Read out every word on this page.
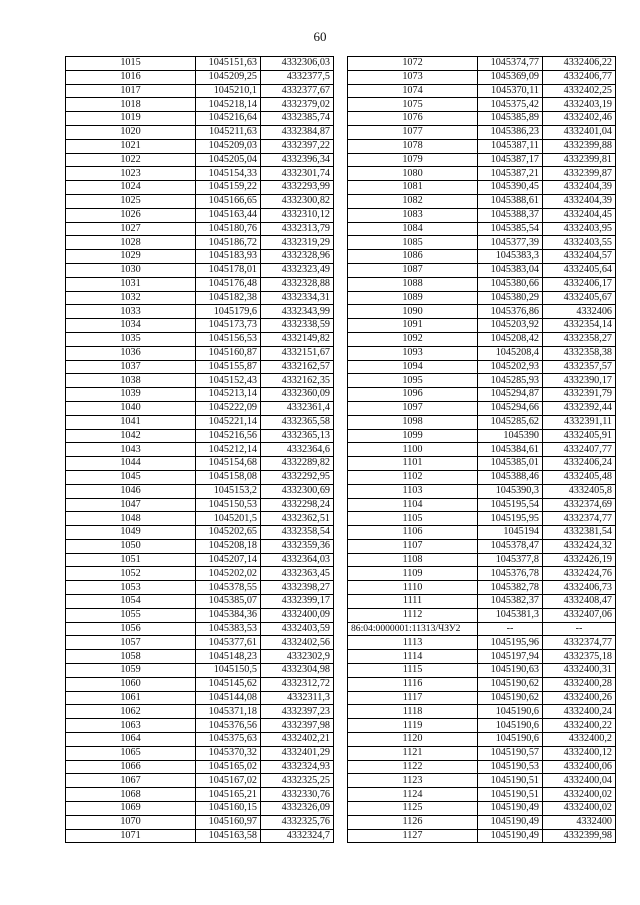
60
1015	1045151,63	4332306,03
1016	1045209,25	4332377,5
1017	1045210,1	4332377,67
1018	1045218,14	4332379,02
1019	1045216,64	4332385,74
1020	1045211,63	4332384,87
1021	1045209,03	4332397,22
1022	1045205,04	4332396,34
1023	1045154,33	4332301,74
1024	1045159,22	4332293,99
1025	1045166,65	4332300,82
1026	1045163,44	4332310,12
1027	1045180,76	4332313,79
1028	1045186,72	4332319,29
1029	1045183,93	4332328,96
1030	1045178,01	4332323,49
1031	1045176,48	4332328,88
1032	1045182,38	4332334,31
1033	1045179,6	4332343,99
1034	1045173,73	4332338,59
1035	1045156,53	4332149,82
1036	1045160,87	4332151,67
1037	1045155,87	4332162,57
1038	1045152,43	4332162,35
1039	1045213,14	4332360,09
1040	1045222,09	4332361,4
1041	1045221,14	4332365,58
1042	1045216,56	4332365,13
1043	1045212,14	4332364,6
1044	1045154,68	4332289,82
1045	1045158,08	4332292,95
1046	1045153,2	4332300,69
1047	1045150,53	4332298,24
1048	1045201,5	4332362,51
1049	1045202,65	4332358,54
1050	1045208,18	4332359,36
1051	1045207,14	4332364,03
1052	1045202,02	4332363,45
1053	1045378,55	4332398,27
1054	1045385,07	4332399,17
1055	1045384,36	4332400,09
1056	1045383,53	4332403,59
1057	1045377,61	4332402,56
1058	1045148,23	4332302,9
1059	1045150,5	4332304,98
1060	1045145,62	4332312,72
1061	1045144,08	4332311,3
1062	1045371,18	4332397,23
1063	1045376,56	4332397,98
1064	1045375,63	4332402,21
1065	1045370,32	4332401,29
1066	1045165,02	4332324,93
1067	1045167,02	4332325,25
1068	1045165,21	4332330,76
1069	1045160,15	4332326,09
1070	1045160,97	4332325,76
1071	1045163,58	4332324,7
1072	1045374,77	4332406,22
1073	1045369,09	4332406,77
1074	1045370,11	4332402,25
1075	1045375,42	4332403,19
1076	1045385,89	4332402,46
1077	1045386,23	4332401,04
1078	1045387,11	4332399,88
1079	1045387,17	4332399,81
1080	1045387,21	4332399,87
1081	1045390,45	4332404,39
1082	1045388,61	4332404,39
1083	1045388,37	4332404,45
1084	1045385,54	4332403,95
1085	1045377,39	4332403,55
1086	1045383,3	4332404,57
1087	1045383,04	4332405,64
1088	1045380,66	4332406,17
1089	1045380,29	4332405,67
1090	1045376,86	4332406
1091	1045203,92	4332354,14
1092	1045208,42	4332358,27
1093	1045208,4	4332358,38
1094	1045202,93	4332357,57
1095	1045285,93	4332390,17
1096	1045294,87	4332391,79
1097	1045294,66	4332392,44
1098	1045285,62	4332391,11
1099	1045390	4332405,91
1100	1045384,61	4332407,77
1101	1045385,01	4332406,24
1102	1045388,46	4332405,48
1103	1045390,3	4332405,8
1104	1045195,54	4332374,69
1105	1045195,95	4332374,77
1106	1045194	4332381,54
1107	1045378,47	4332424,32
1108	1045377,8	4332426,19
1109	1045376,78	4332424,76
1110	1045382,78	4332406,73
1111	1045382,37	4332408,47
1112	1045381,3	4332407,06
86:04:0000001:11313/ЧЗУ2	--	--
1113	1045195,96	4332374,77
1114	1045197,94	4332375,18
1115	1045190,63	4332400,31
1116	1045190,62	4332400,28
1117	1045190,62	4332400,26
1118	1045190,6	4332400,24
1119	1045190,6	4332400,22
1120	1045190,6	4332400,2
1121	1045190,57	4332400,12
1122	1045190,53	4332400,06
1123	1045190,51	4332400,04
1124	1045190,51	4332400,02
1125	1045190,49	4332400,02
1126	1045190,49	4332400
1127	1045190,49	4332399,98
